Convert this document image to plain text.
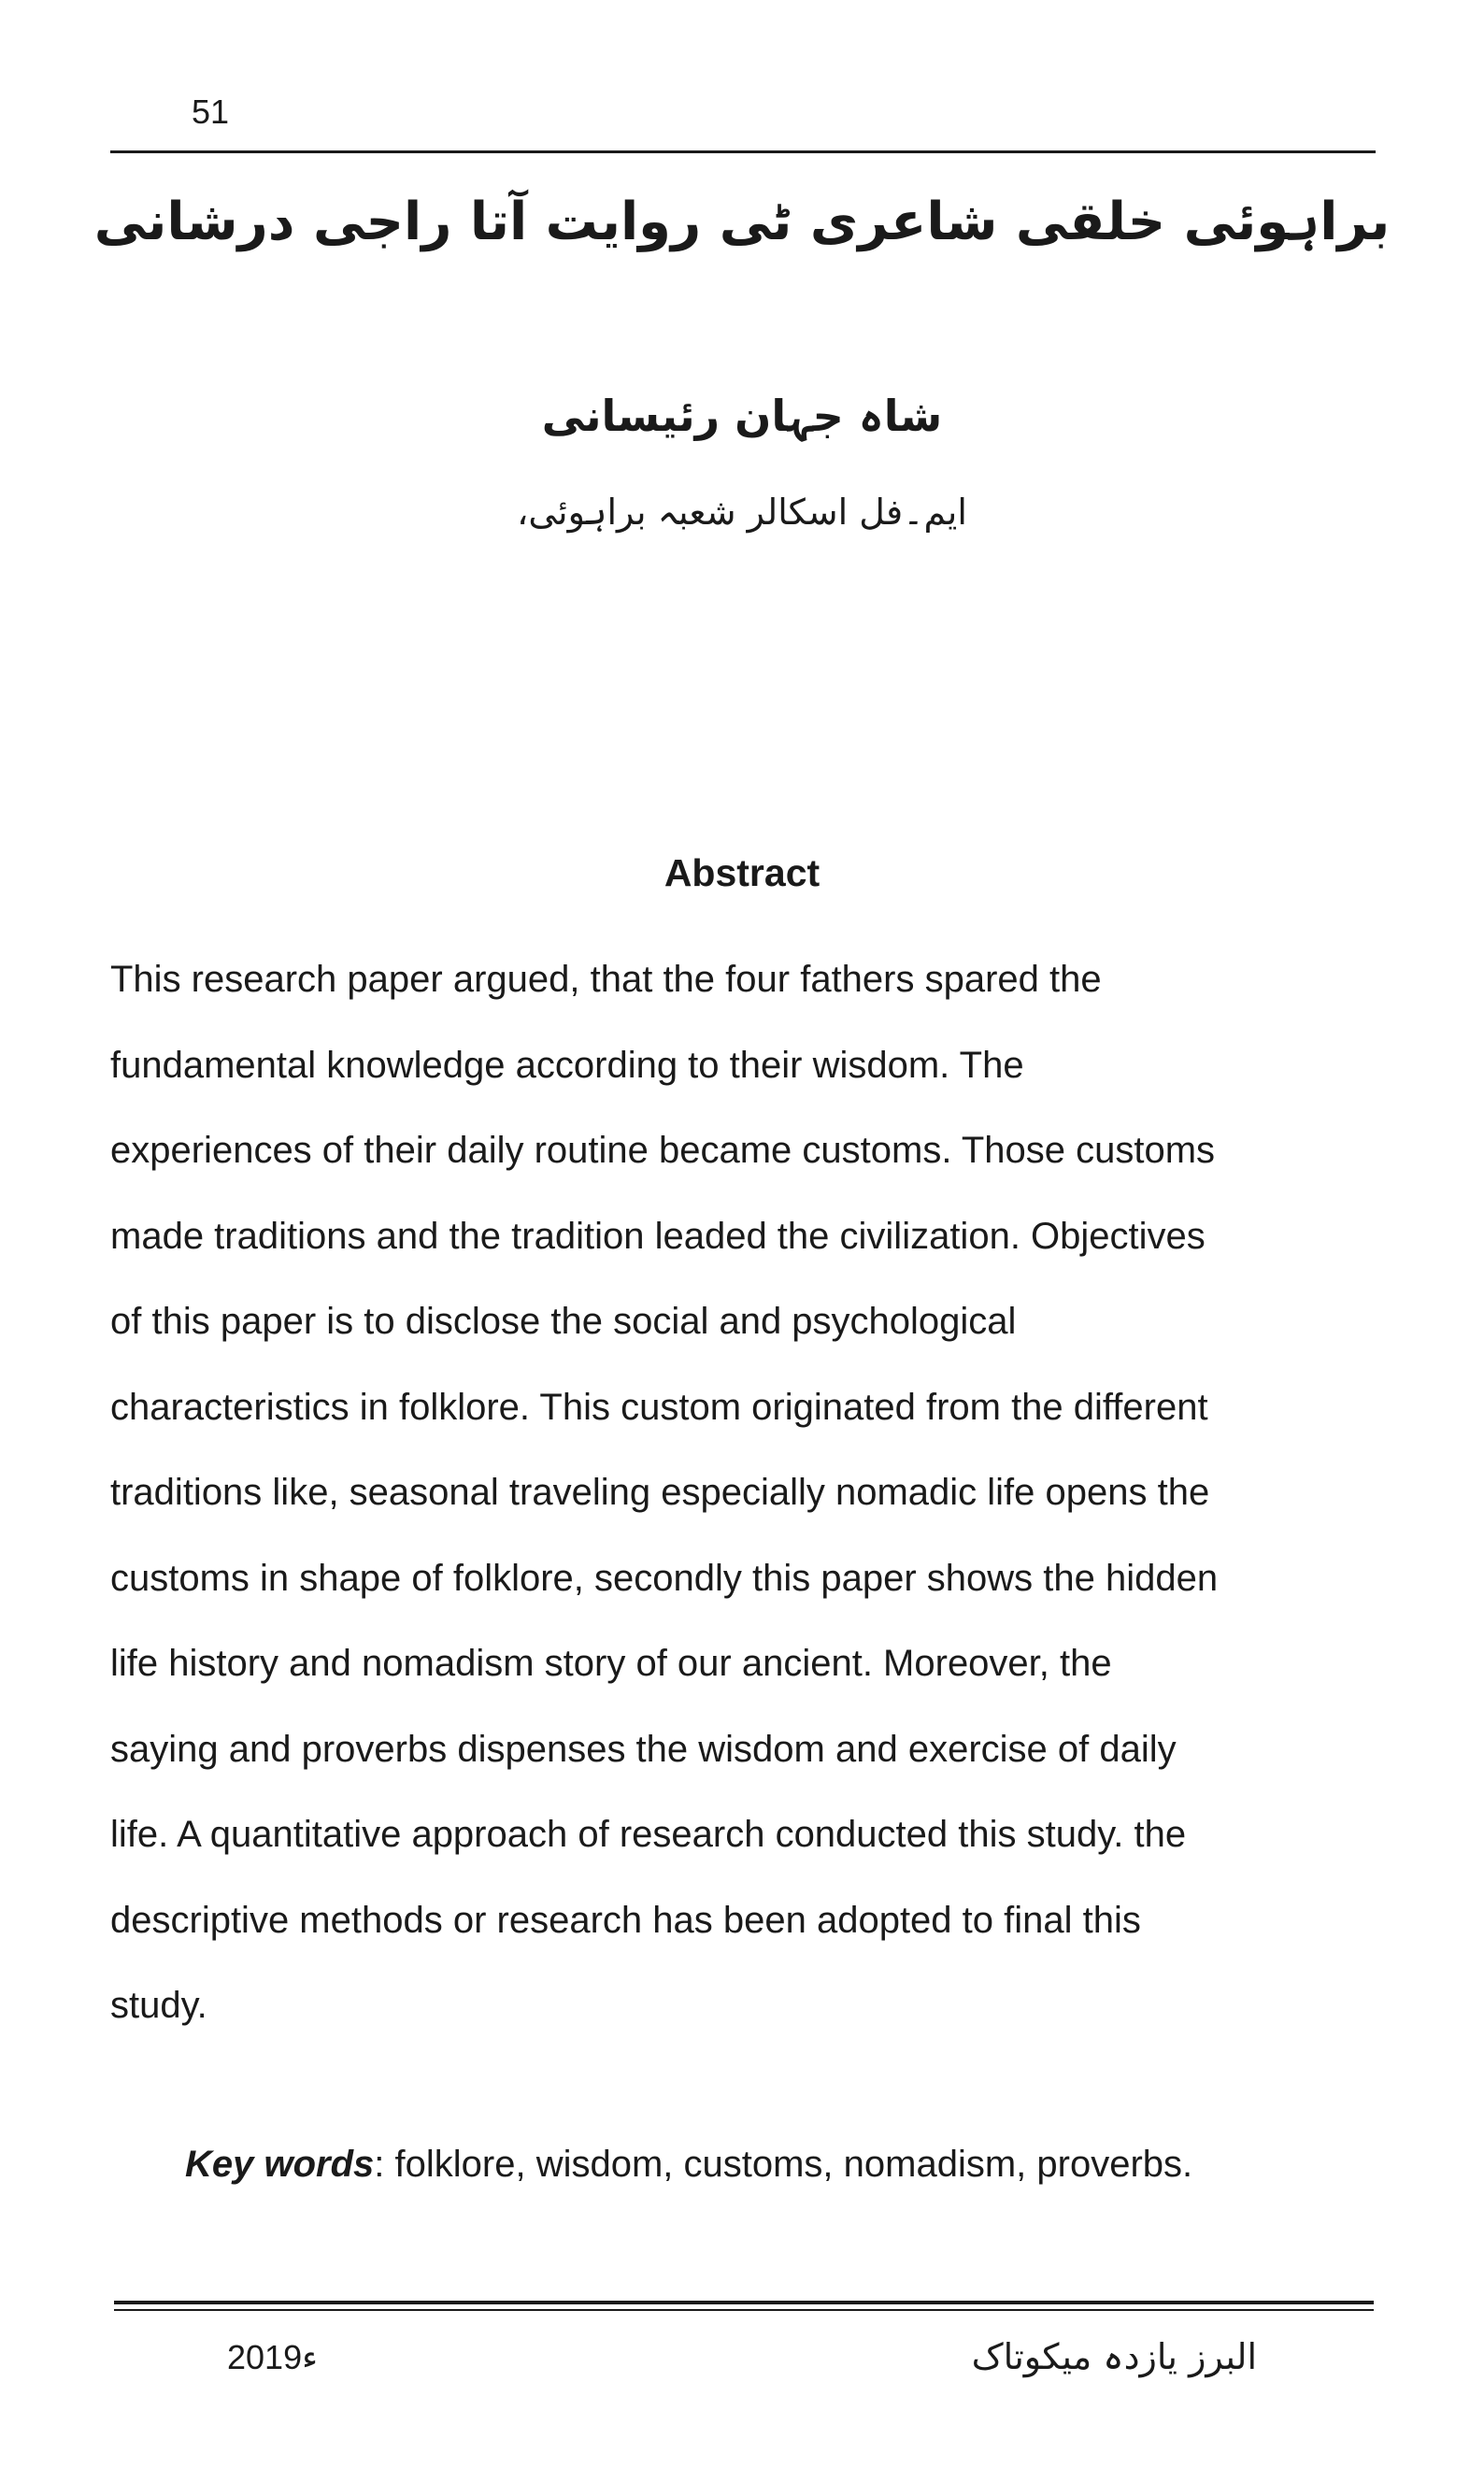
51
براہوئی خلقی شاعری ٹی روایت آتا راجی درشانی
شاہ جہان رئیسانی
ایم۔فل اسکالر شعبہ براہوئی،
Abstract
This research paper argued, that the four fathers spared the
fundamental knowledge according to their wisdom. The
experiences of their daily routine became customs. Those customs
made traditions and the tradition leaded the civilization. Objectives
of this paper is to disclose the social and psychological
characteristics in folklore. This custom originated from the different
traditions like, seasonal traveling especially nomadic life opens the
customs in shape of folklore, secondly this paper shows the hidden
life history and nomadism story of our ancient. Moreover, the
saying and proverbs dispenses the wisdom and exercise of daily
life. A quantitative approach of research conducted this study. the
descriptive methods or research has been adopted to final this
study.
Key words: folklore, wisdom, customs, nomadism, proverbs.
2019ء	البرز یازدہ میکوتاک
